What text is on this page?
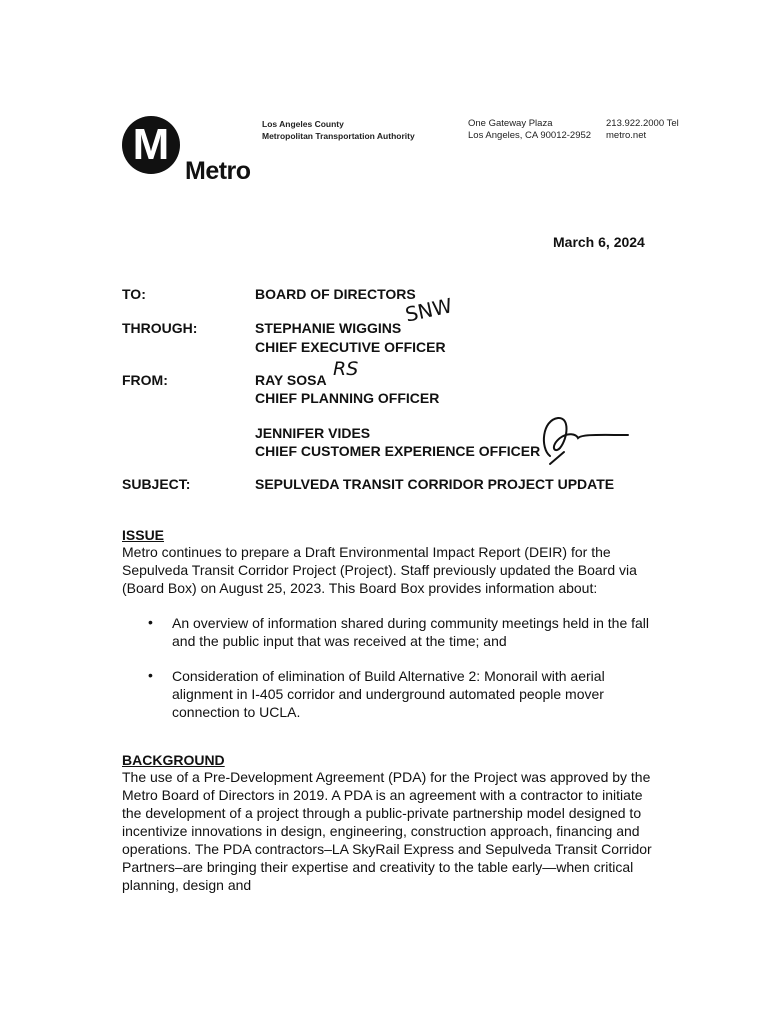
M
Metro
Los Angeles County
Metropolitan Transportation Authority
One Gateway Plaza
Los Angeles, CA 90012-2952
213.922.2000 Tel
metro.net
March 6, 2024
TO:	BOARD OF DIRECTORS
THROUGH:	STEPHANIE WIGGINS
CHIEF EXECUTIVE OFFICER
SNW
FROM:	RAY SOSA
CHIEF PLANNING OFFICER
RS
JENNIFER VIDES
CHIEF CUSTOMER EXPERIENCE OFFICER
SUBJECT:	SEPULVEDA TRANSIT CORRIDOR PROJECT UPDATE
ISSUE
Metro continues to prepare a Draft Environmental Impact Report (DEIR) for the Sepulveda Transit Corridor Project (Project). Staff previously updated the Board via (Board Box) on August 25, 2023. This Board Box provides information about:
• An overview of information shared during community meetings held in the fall and the public input that was received at the time; and
• Consideration of elimination of Build Alternative 2: Monorail with aerial alignment in I-405 corridor and underground automated people mover connection to UCLA.
BACKGROUND
The use of a Pre-Development Agreement (PDA) for the Project was approved by the Metro Board of Directors in 2019. A PDA is an agreement with a contractor to initiate the development of a project through a public-private partnership model designed to incentivize innovations in design, engineering, construction approach, financing and operations. The PDA contractors–LA SkyRail Express and Sepulveda Transit Corridor Partners–are bringing their expertise and creativity to the table early—when critical planning, design and
